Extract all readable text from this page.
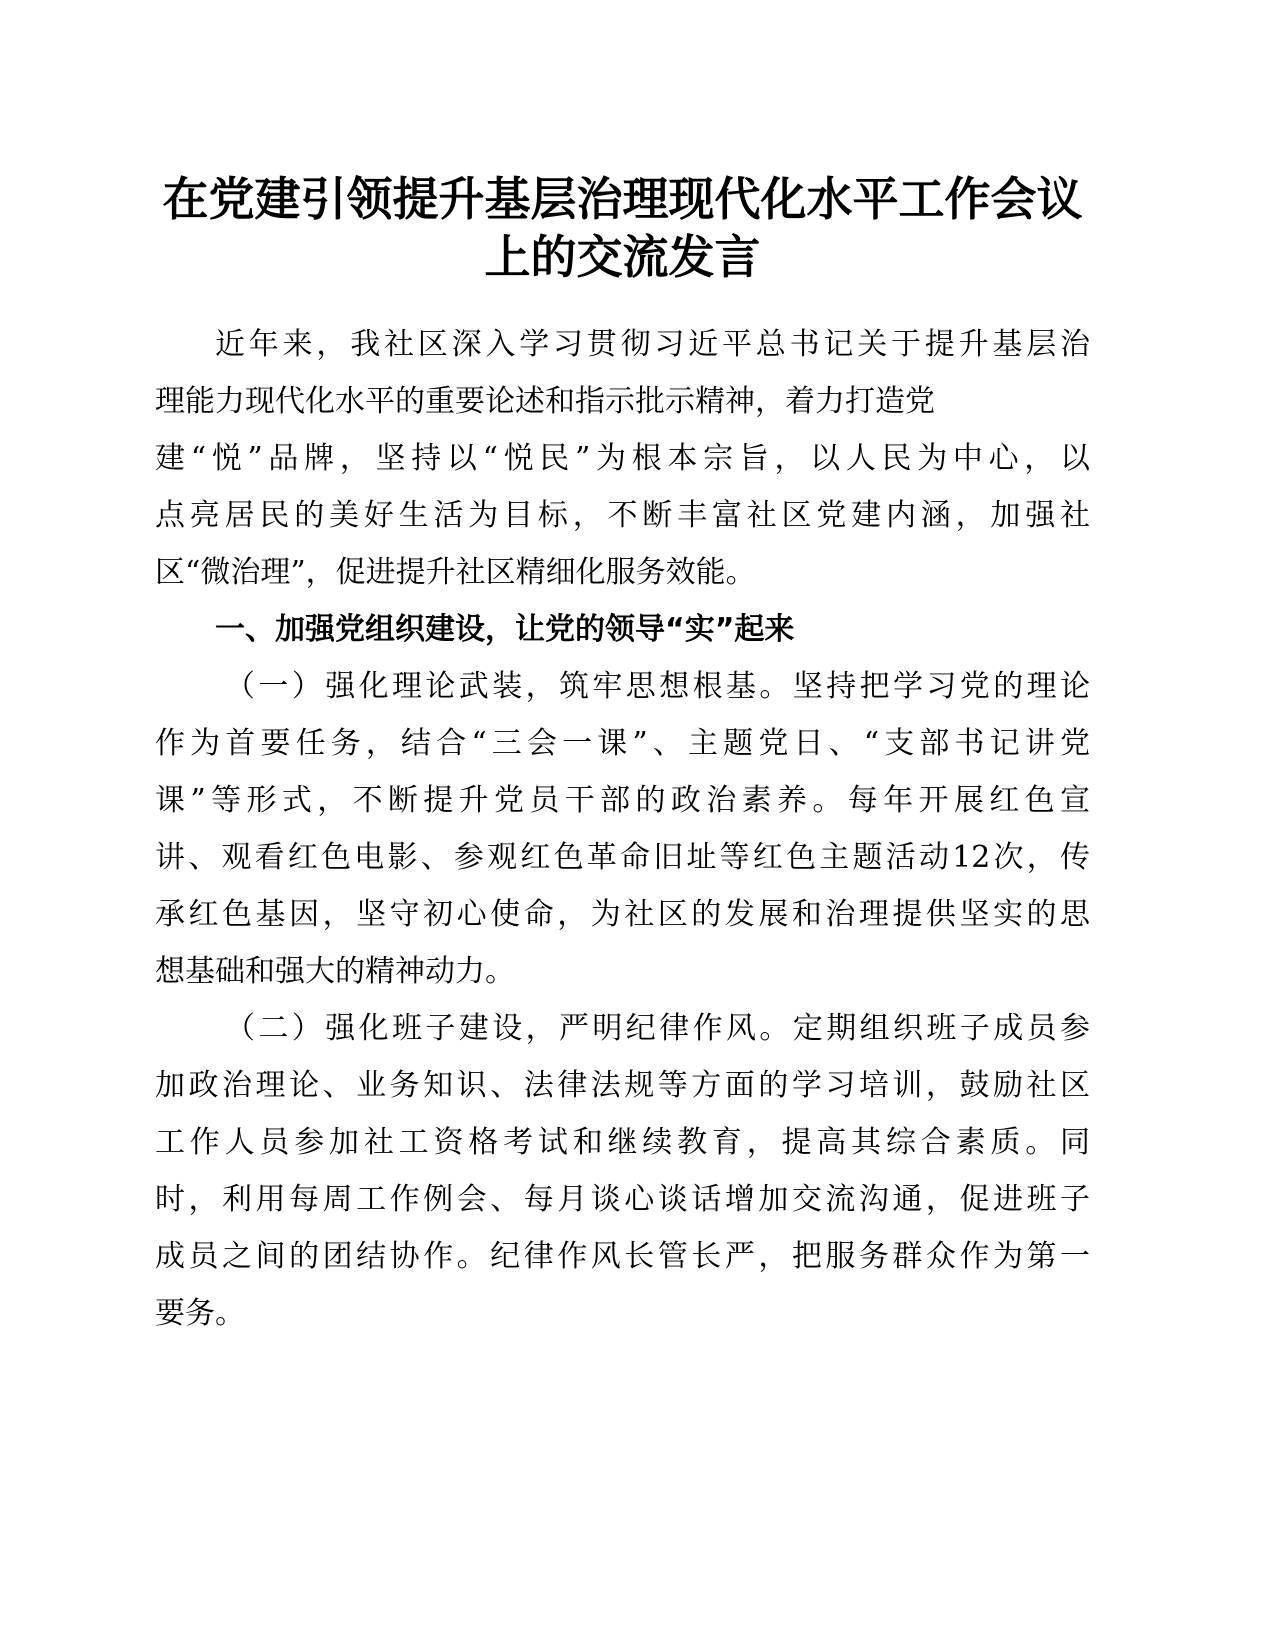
在党建引领提升基层治理现代化水平工作会议
上的交流发言
近年来，我社区深入学习贯彻习近平总书记关于提升基层治
理能力现代化水平的重要论述和指示批示精神，着力打造党
建“悦”品牌，坚持以“悦民”为根本宗旨，以人民为中心，以
点亮居民的美好生活为目标，不断丰富社区党建内涵，加强社
区“微治理”，促进提升社区精细化服务效能。
一、加强党组织建设，让党的领导“实”起来
（一）强化理论武装，筑牢思想根基。坚持把学习党的理论
作为首要任务，结合“三会一课”、主题党日、“支部书记讲党
课”等形式，不断提升党员干部的政治素养。每年开展红色宣
讲、观看红色电影、参观红色革命旧址等红色主题活动12次，传
承红色基因，坚守初心使命，为社区的发展和治理提供坚实的思
想基础和强大的精神动力。
（二）强化班子建设，严明纪律作风。定期组织班子成员参
加政治理论、业务知识、法律法规等方面的学习培训，鼓励社区
工作人员参加社工资格考试和继续教育，提高其综合素质。同
时，利用每周工作例会、每月谈心谈话增加交流沟通，促进班子
成员之间的团结协作。纪律作风长管长严，把服务群众作为第一
要务。
